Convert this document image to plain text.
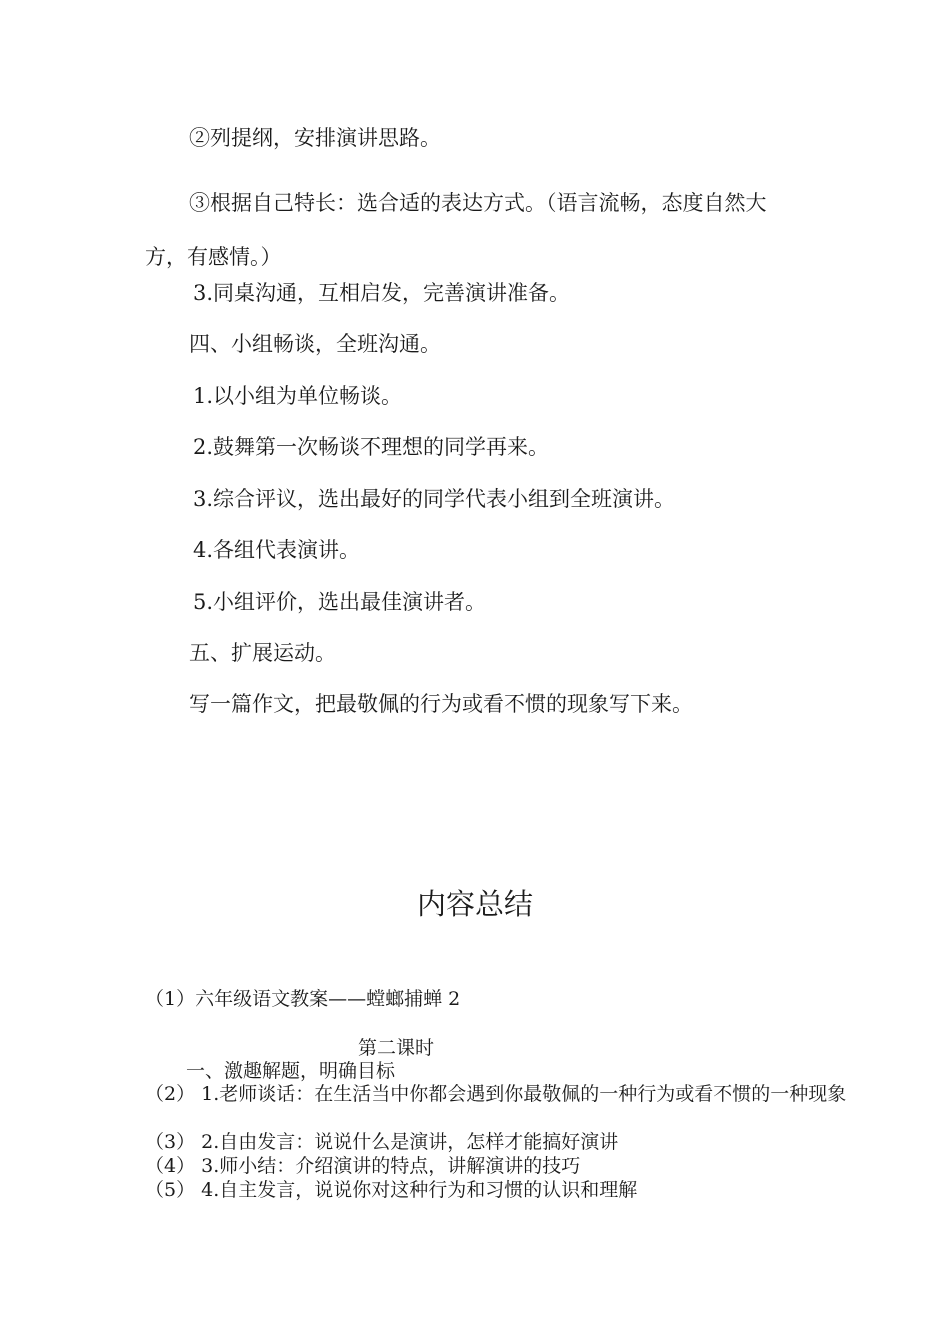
②列提纲，安排演讲思路。

③根据自己特长：选合适的表达方式。（语言流畅，态度自然大方，有感情。）

3.同桌沟通，互相启发，完善演讲准备。

四、小组畅谈，全班沟通。

1.以小组为单位畅谈。

2.鼓舞第一次畅谈不理想的同学再来。

3.综合评议，选出最好的同学代表小组到全班演讲。

4.各组代表演讲。

5.小组评价，选出最佳演讲者。

五、扩展运动。

写一篇作文，把最敬佩的行为或看不惯的现象写下来。

内容总结

（1）六年级语文教案——螳螂捕蝉 2

第二课时

一、激趣解题，明确目标

（2） 1.老师谈话：在生活当中你都会遇到你最敬佩的一种行为或看不惯的一种现象

（3） 2.自由发言：说说什么是演讲，怎样才能搞好演讲

（4） 3.师小结：介绍演讲的特点，讲解演讲的技巧

（5） 4.自主发言，说说你对这种行为和习惯的认识和理解
